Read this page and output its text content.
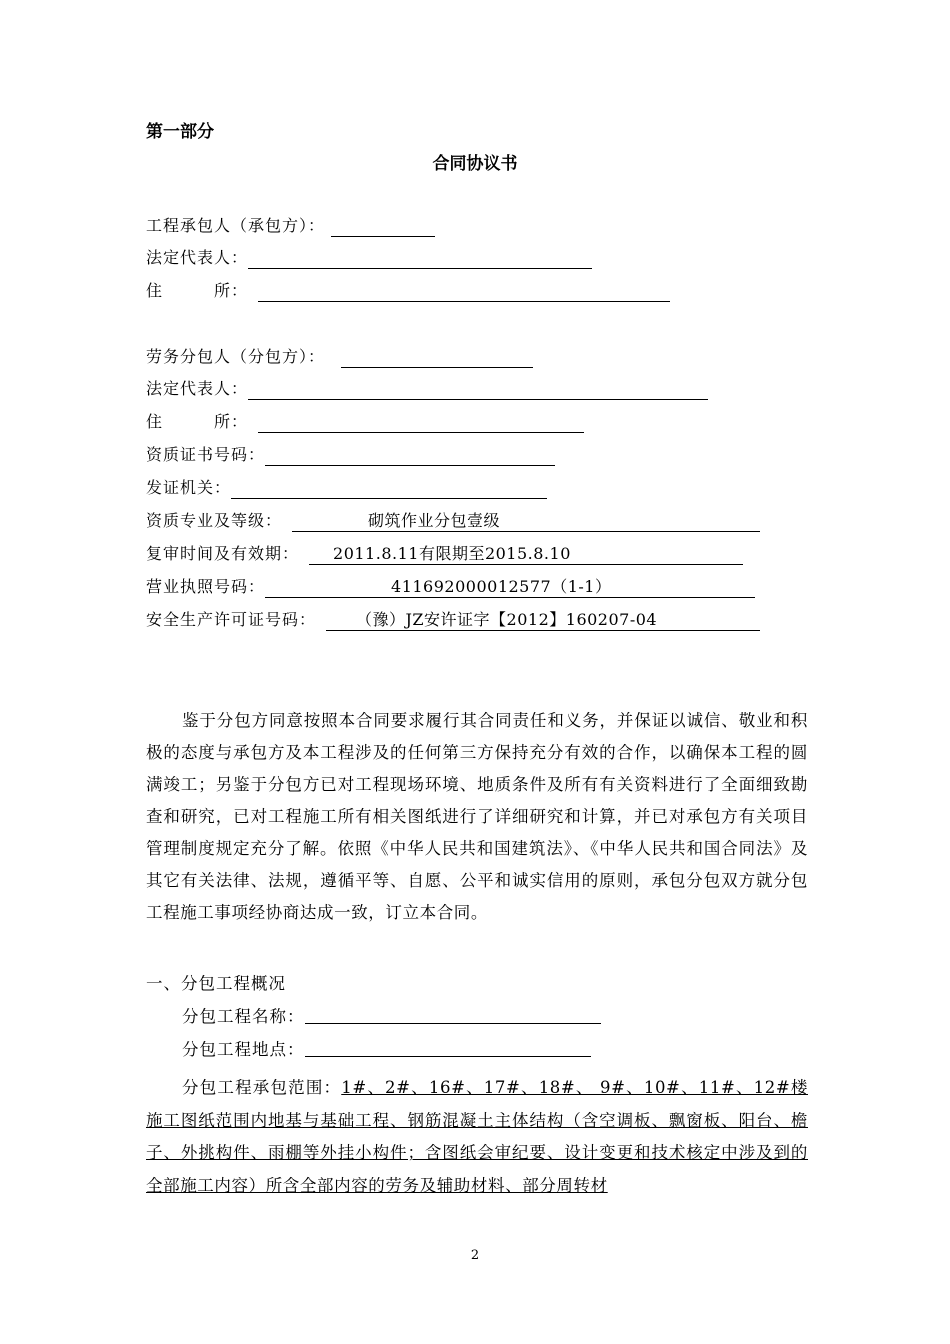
第一部分
合同协议书
工程承包人（承包方）：
法定代表人：
住　　　所：
劳务分包人（分包方）：
法定代表人：
住　　　所：
资质证书号码：
发证机关：
资质专业及等级：	砌筑作业分包壹级
复审时间及有效期： 2011.8.11有限期至2015.8.10
营业执照号码：	411692000012577（1-1）
安全生产许可证号码：	（豫）JZ安许证字【2012】160207-04

鉴于分包方同意按照本合同要求履行其合同责任和义务，并保证以诚信、敬业和积极的态度与承包方及本工程涉及的任何第三方保持充分有效的合作，以确保本工程的圆满竣工；另鉴于分包方已对工程现场环境、地质条件及所有有关资料进行了全面细致勘查和研究，已对工程施工所有相关图纸进行了详细研究和计算，并已对承包方有关项目管理制度规定充分了解。依照《中华人民共和国建筑法》、《中华人民共和国合同法》及其它有关法律、法规，遵循平等、自愿、公平和诚实信用的原则，承包分包双方就分包工程施工事项经协商达成一致，订立本合同。

一、分包工程概况
分包工程名称：
分包工程地点：
分包工程承包范围：1#、2#、16#、17#、18#、 9#、10#、11#、12#楼施工图纸范围内地基与基础工程、钢筋混凝土主体结构（含空调板、飘窗板、阳台、檐子、外挑构件、雨棚等外挂小构件；含图纸会审纪要、设计变更和技术核定中涉及到的全部施工内容）所含全部内容的劳务及辅助材料、部分周转材
2
